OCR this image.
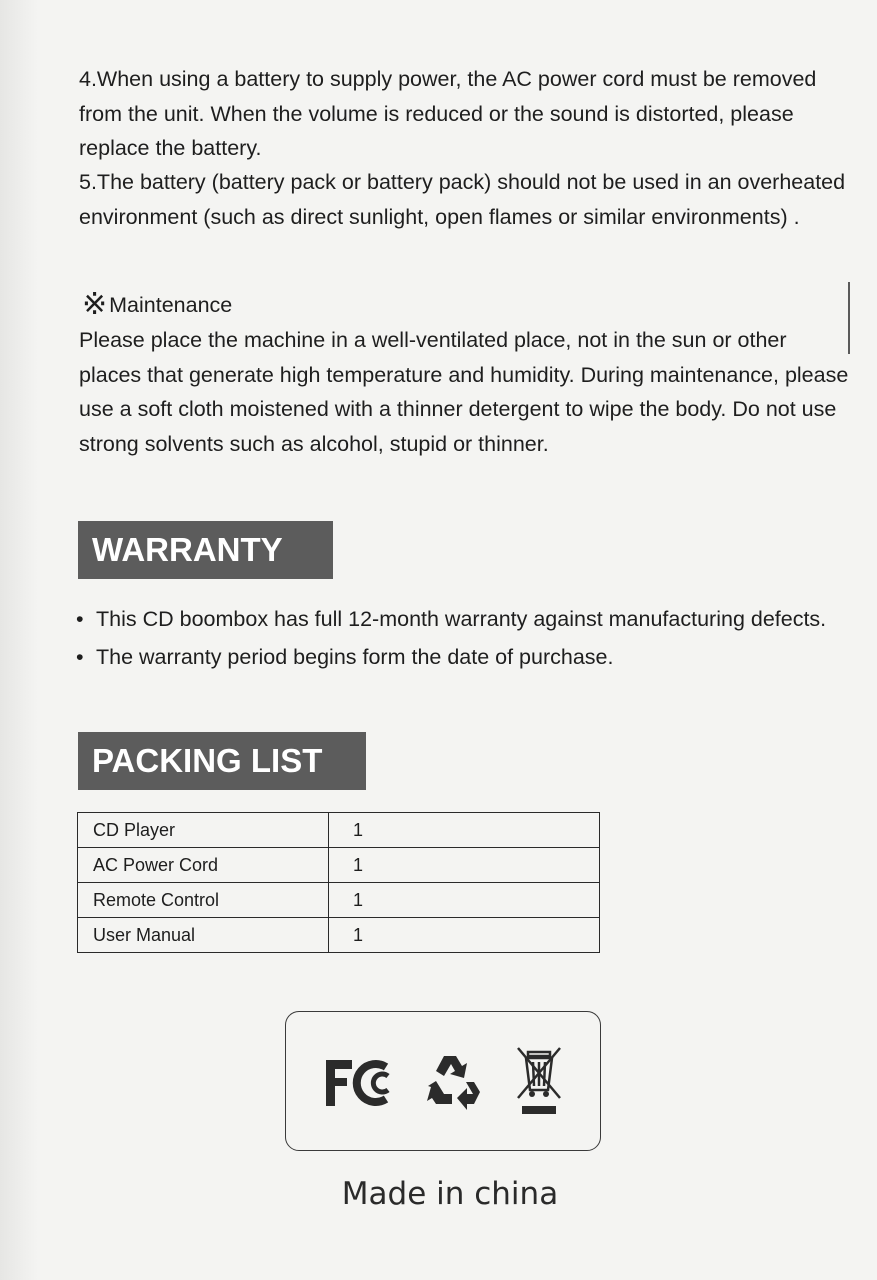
4.When using a battery to supply power, the AC power cord must be removed from the unit. When the volume is reduced or the sound is distorted, please replace the battery.

5.The battery (battery pack or battery pack) should not be used in an overheated environment (such as direct sunlight, open flames or similar environments) .

※ Maintenance

Please place the machine in a well-ventilated place, not in the sun or other places that generate high temperature and humidity. During maintenance, please use a soft cloth moistened with a thinner detergent to wipe the body. Do not use strong solvents such as alcohol, stupid or thinner.

WARRANTY
• This CD boombox has full 12-month warranty against manufacturing defects.
• The warranty period begins form the date of purchase.
PACKING LIST
CD Player	1
AC Power Cord	1
Remote Control	1
User Manual	1
Made in china
